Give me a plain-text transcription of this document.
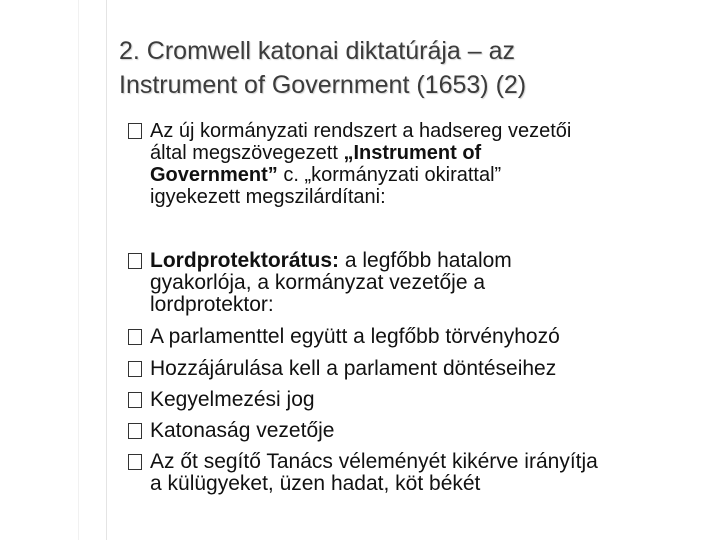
2. Cromwell katonai diktatúrája – az
Instrument of Government (1653) (2)
Az új kormányzati rendszert a hadsereg vezetői
által megszövegezett „Instrument of
Government” c. „kormányzati okirattal”
igyekezett megszilárdítani:
Lordprotektorátus: a legfőbb hatalom
gyakorlója, a kormányzat vezetője a
lordprotektor:
A parlamenttel együtt a legfőbb törvényhozó
Hozzájárulása kell a parlament döntéseihez
Kegyelmezési jog
Katonaság vezetője
Az őt segítő Tanács véleményét kikérve irányítja
a külügyeket, üzen hadat, köt békét
